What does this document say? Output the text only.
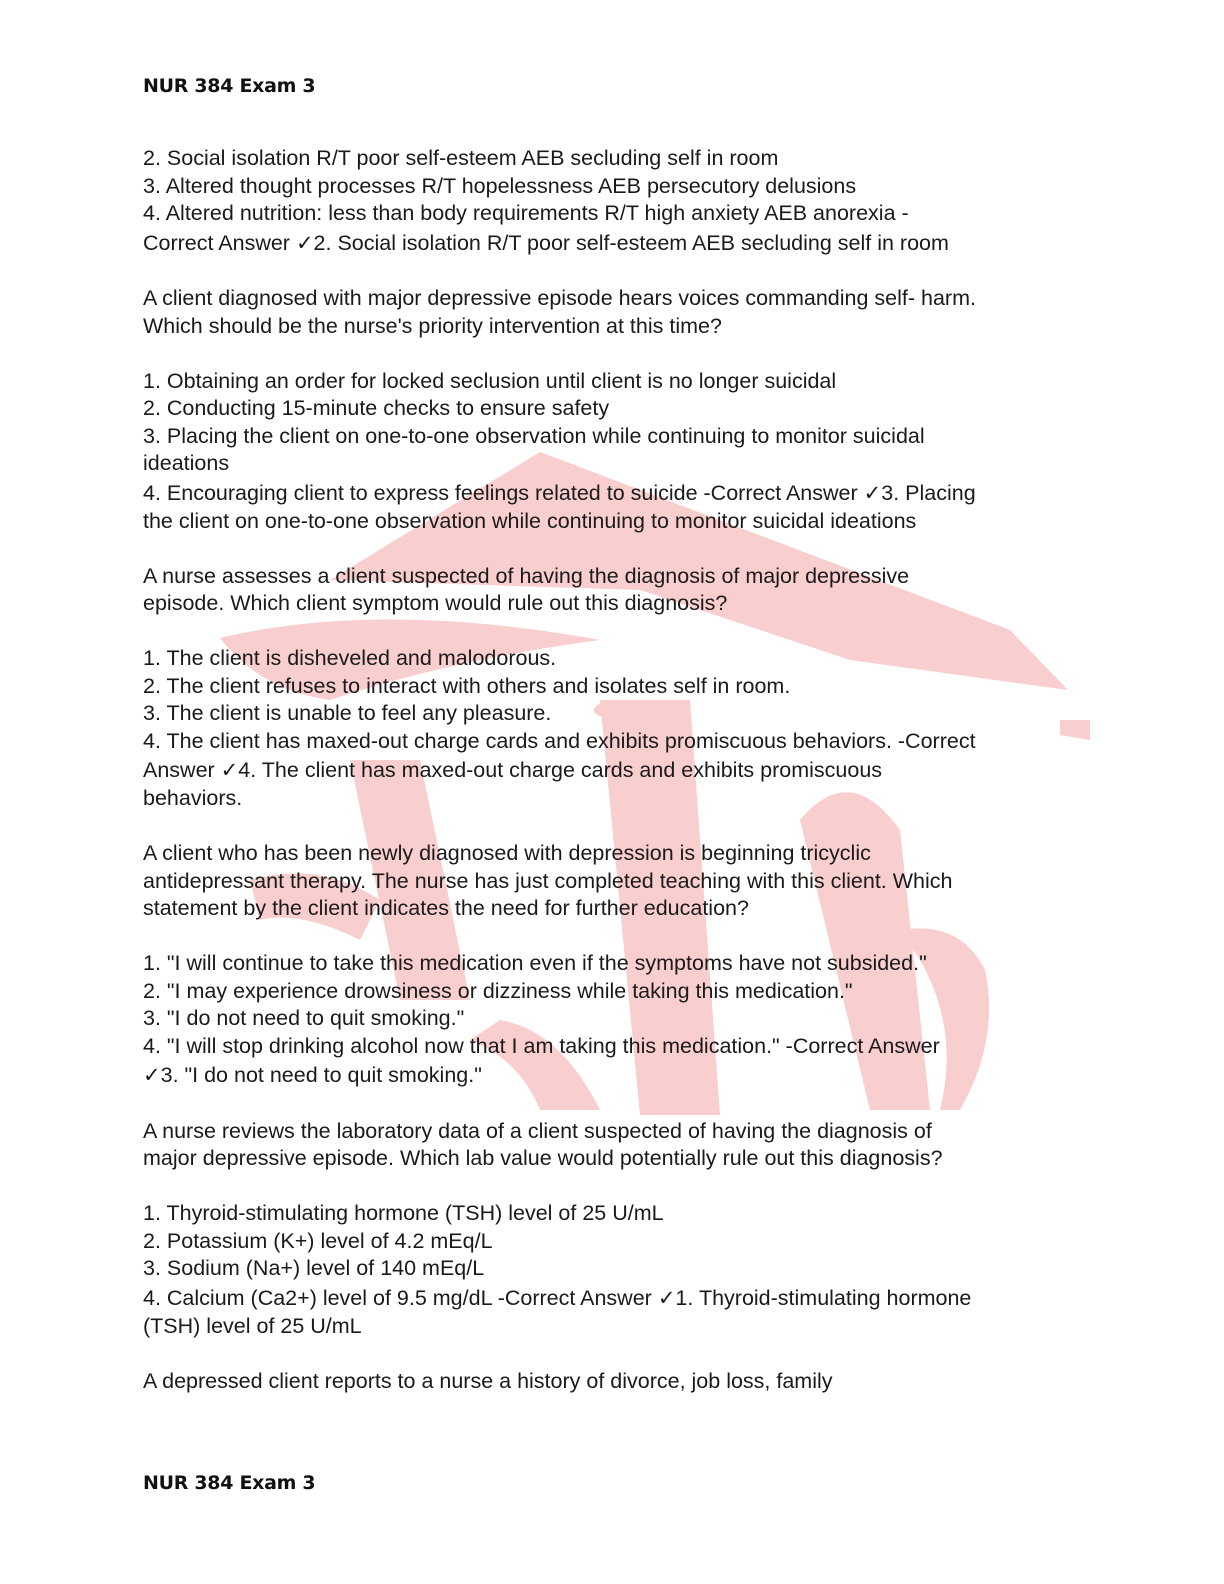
NUR 384 Exam 3

2. Social isolation R/T poor self-esteem AEB secluding self in room

3. Altered thought processes R/T hopelessness AEB persecutory delusions

4. Altered nutrition: less than body requirements R/T high anxiety AEB anorexia -

Correct Answer ✓2. Social isolation R/T poor self-esteem AEB secluding self in room

A client diagnosed with major depressive episode hears voices commanding self- harm.

Which should be the nurse's priority intervention at this time?

1. Obtaining an order for locked seclusion until client is no longer suicidal

2. Conducting 15-minute checks to ensure safety

3. Placing the client on one-to-one observation while continuing to monitor suicidal

ideations

4. Encouraging client to express feelings related to suicide -Correct Answer ✓3. Placing

the client on one-to-one observation while continuing to monitor suicidal ideations

A nurse assesses a client suspected of having the diagnosis of major depressive

episode. Which client symptom would rule out this diagnosis?

1. The client is disheveled and malodorous.

2. The client refuses to interact with others and isolates self in room.

3. The client is unable to feel any pleasure.

4. The client has maxed-out charge cards and exhibits promiscuous behaviors. -Correct

Answer ✓4. The client has maxed-out charge cards and exhibits promiscuous

behaviors.

A client who has been newly diagnosed with depression is beginning tricyclic

antidepressant therapy. The nurse has just completed teaching with this client. Which

statement by the client indicates the need for further education?

1. "I will continue to take this medication even if the symptoms have not subsided."

2. "I may experience drowsiness or dizziness while taking this medication."

3. "I do not need to quit smoking."

4. "I will stop drinking alcohol now that I am taking this medication." -Correct Answer

✓3. "I do not need to quit smoking."

A nurse reviews the laboratory data of a client suspected of having the diagnosis of

major depressive episode. Which lab value would potentially rule out this diagnosis?

1. Thyroid-stimulating hormone (TSH) level of 25 U/mL

2. Potassium (K+) level of 4.2 mEq/L

3. Sodium (Na+) level of 140 mEq/L

4. Calcium (Ca2+) level of 9.5 mg/dL -Correct Answer ✓1. Thyroid-stimulating hormone

(TSH) level of 25 U/mL

A depressed client reports to a nurse a history of divorce, job loss, family

NUR 384 Exam 3
